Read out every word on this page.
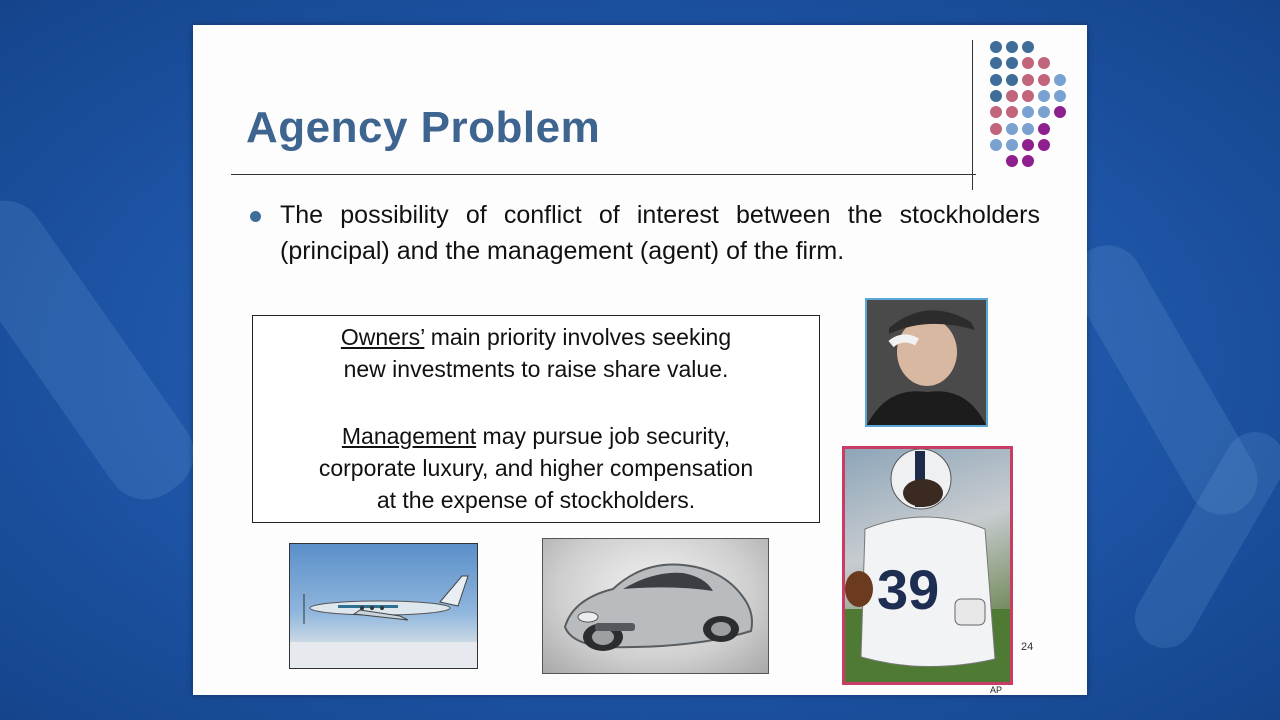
Agency Problem
The possibility of conflict of interest between the stockholders (principal) and the management (agent) of the firm.
Owners’ main priority involves seeking
new investments to raise share value.
Management may pursue job security,
corporate luxury, and higher compensation
at the expense of stockholders.
39
AP
24
